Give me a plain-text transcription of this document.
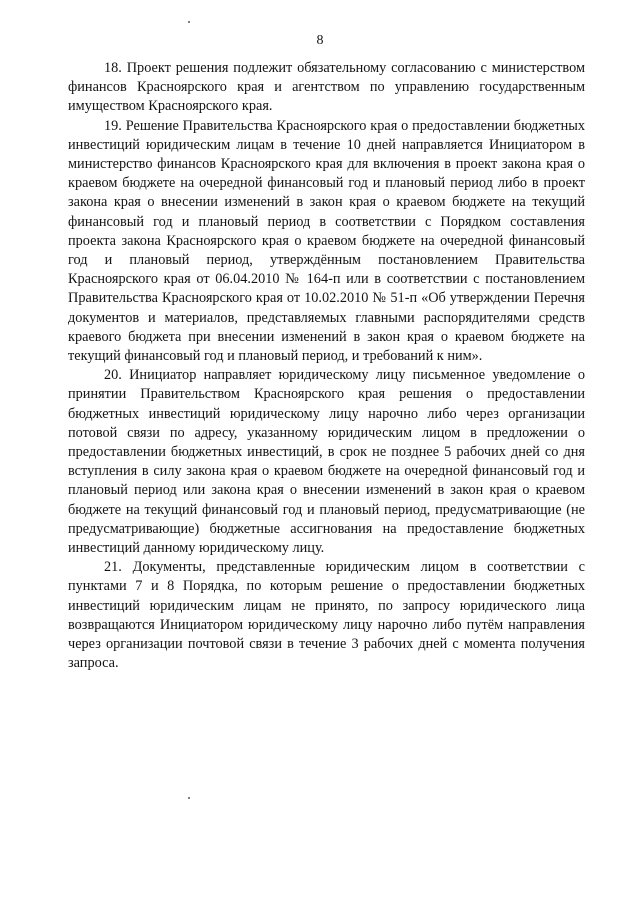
8

18. Проект решения подлежит обязательному согласованию с министерством финансов Красноярского края и агентством по управлению государственным имуществом Красноярского края.

19. Решение Правительства Красноярского края о предоставлении бюджетных инвестиций юридическим лицам в течение 10 дней направляется Инициатором в министерство финансов Красноярского края для включения в проект закона края о краевом бюджете на очередной финансовый год и плановый период либо в проект закона края о внесении изменений в закон края о краевом бюджете на текущий финансовый год и плановый период в соответствии с Порядком составления проекта закона Красноярского края о краевом бюджете на очередной финансовый год и плановый период, утверждённым постановлением Правительства Красноярского края от 06.04.2010 № 164-п или в соответствии с постановлением Правительства Красноярского края от 10.02.2010 № 51-п «Об утверждении Перечня документов и материалов, представляемых главными распорядителями средств краевого бюджета при внесении изменений в закон края о краевом бюджете на текущий финансовый год и плановый период, и требований к ним».

20. Инициатор направляет юридическому лицу письменное уведомление о принятии Правительством Красноярского края решения о предоставлении бюджетных инвестиций юридическому лицу нарочно либо через организации потовой связи по адресу, указанному юридическим лицом в предложении о предоставлении бюджетных инвестиций, в срок не позднее 5 рабочих дней со дня вступления в силу закона края о краевом бюджете на очередной финансовый год и плановый период или закона края о внесении изменений в закон края о краевом бюджете на текущий финансовый год и плановый период, предусматривающие (не предусматривающие) бюджетные ассигнования на предоставление бюджетных инвестиций данному юридическому лицу.

21. Документы, представленные юридическим лицом в соответствии с пунктами 7 и 8 Порядка, по которым решение о предоставлении бюджетных инвестиций юридическим лицам не принято, по запросу юридического лица возвращаются Инициатором юридическому лицу нарочно либо путём направления через организации почтовой связи в течение 3 рабочих дней с момента получения запроса.
